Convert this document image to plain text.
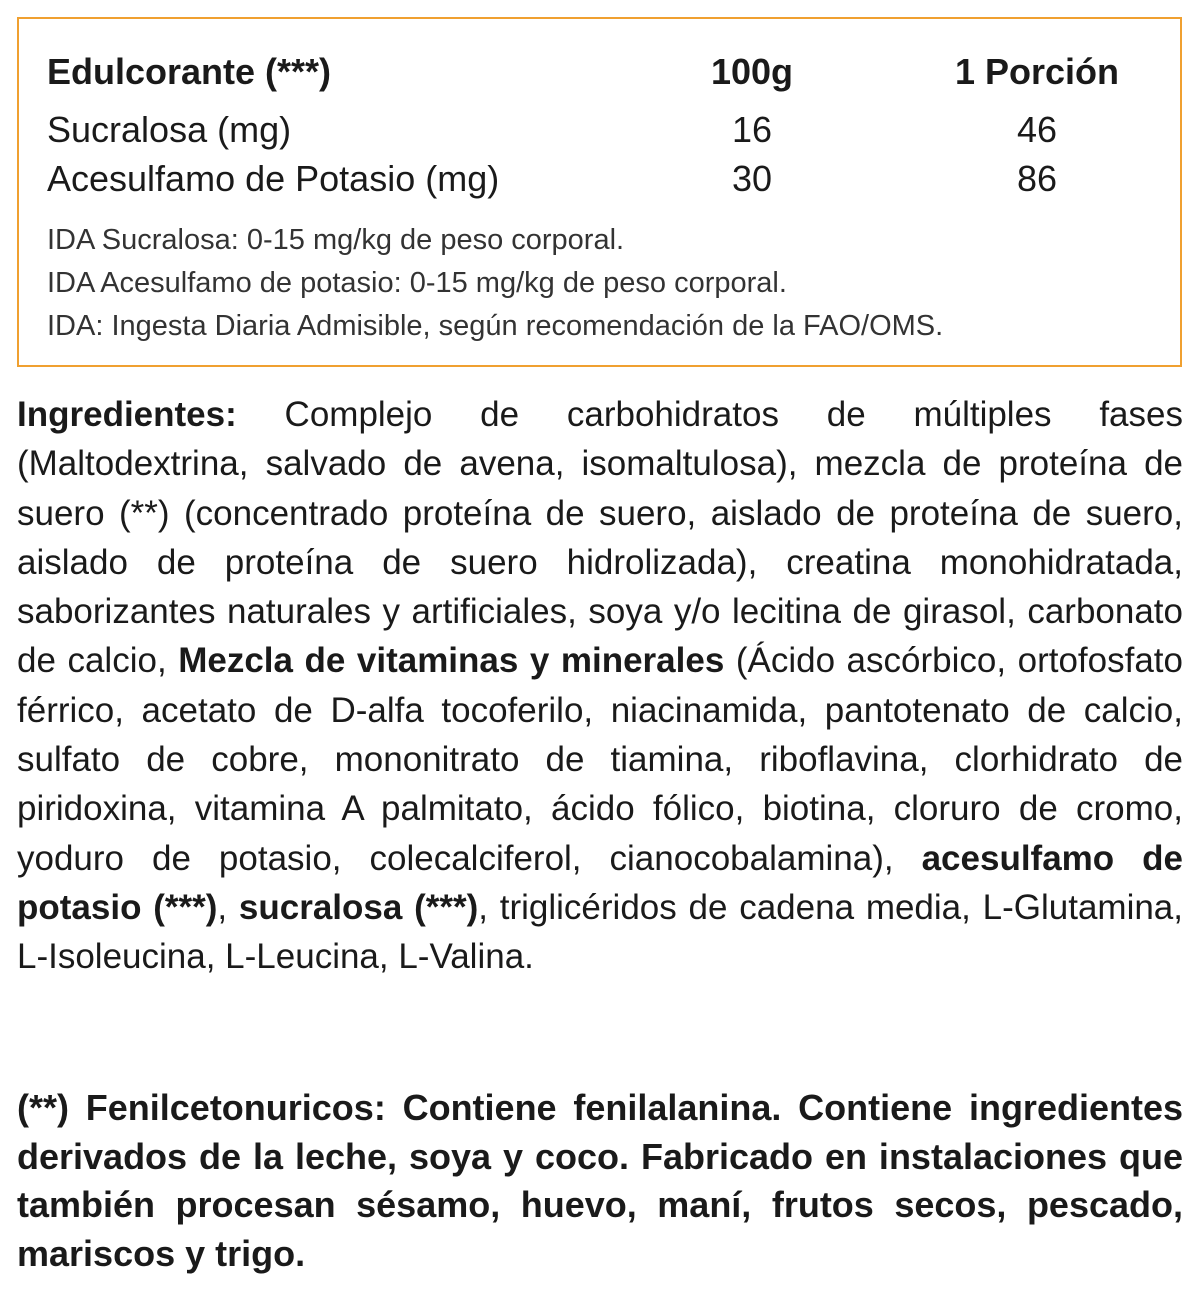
Edulcorante (***)	100g	1 Porción
Sucralosa (mg)	16	46
Acesulfamo de Potasio (mg)	30	86
IDA Sucralosa: 0-15 mg/kg de peso corporal.
IDA Acesulfamo de potasio: 0-15 mg/kg de peso corporal.
IDA: Ingesta Diaria Admisible, según recomendación de la FAO/OMS.

Ingredientes: Complejo de carbohidratos de múltiples fases (Maltodextrina, salvado de avena, isomaltulosa), mezcla de proteína de suero (**) (concentrado proteína de suero, aislado de proteína de suero, aislado de proteína de suero hidrolizada), creatina monohidratada, saborizantes naturales y artificiales, soya y/o lecitina de girasol, carbonato de calcio, Mezcla de vitaminas y minerales (Ácido ascórbico, ortofosfato férrico, acetato de D-alfa tocoferilo, niacinamida, pantotenato de calcio, sulfato de cobre, mononitrato de tiamina, riboflavina, clorhidrato de piridoxina, vitamina A palmitato, ácido fólico, biotina, cloruro de cromo, yoduro de potasio, colecalciferol, cianocobalamina), acesulfamo de potasio (***), sucralosa (***), triglicéridos de cadena media, L-Glutamina, L-Isoleucina, L-Leucina, L-Valina.

(**) Fenilcetonuricos: Contiene fenilalanina. Contiene ingredientes derivados de la leche, soya y coco. Fabricado en instalaciones que también procesan sésamo, huevo, maní, frutos secos, pescado, mariscos y trigo.
